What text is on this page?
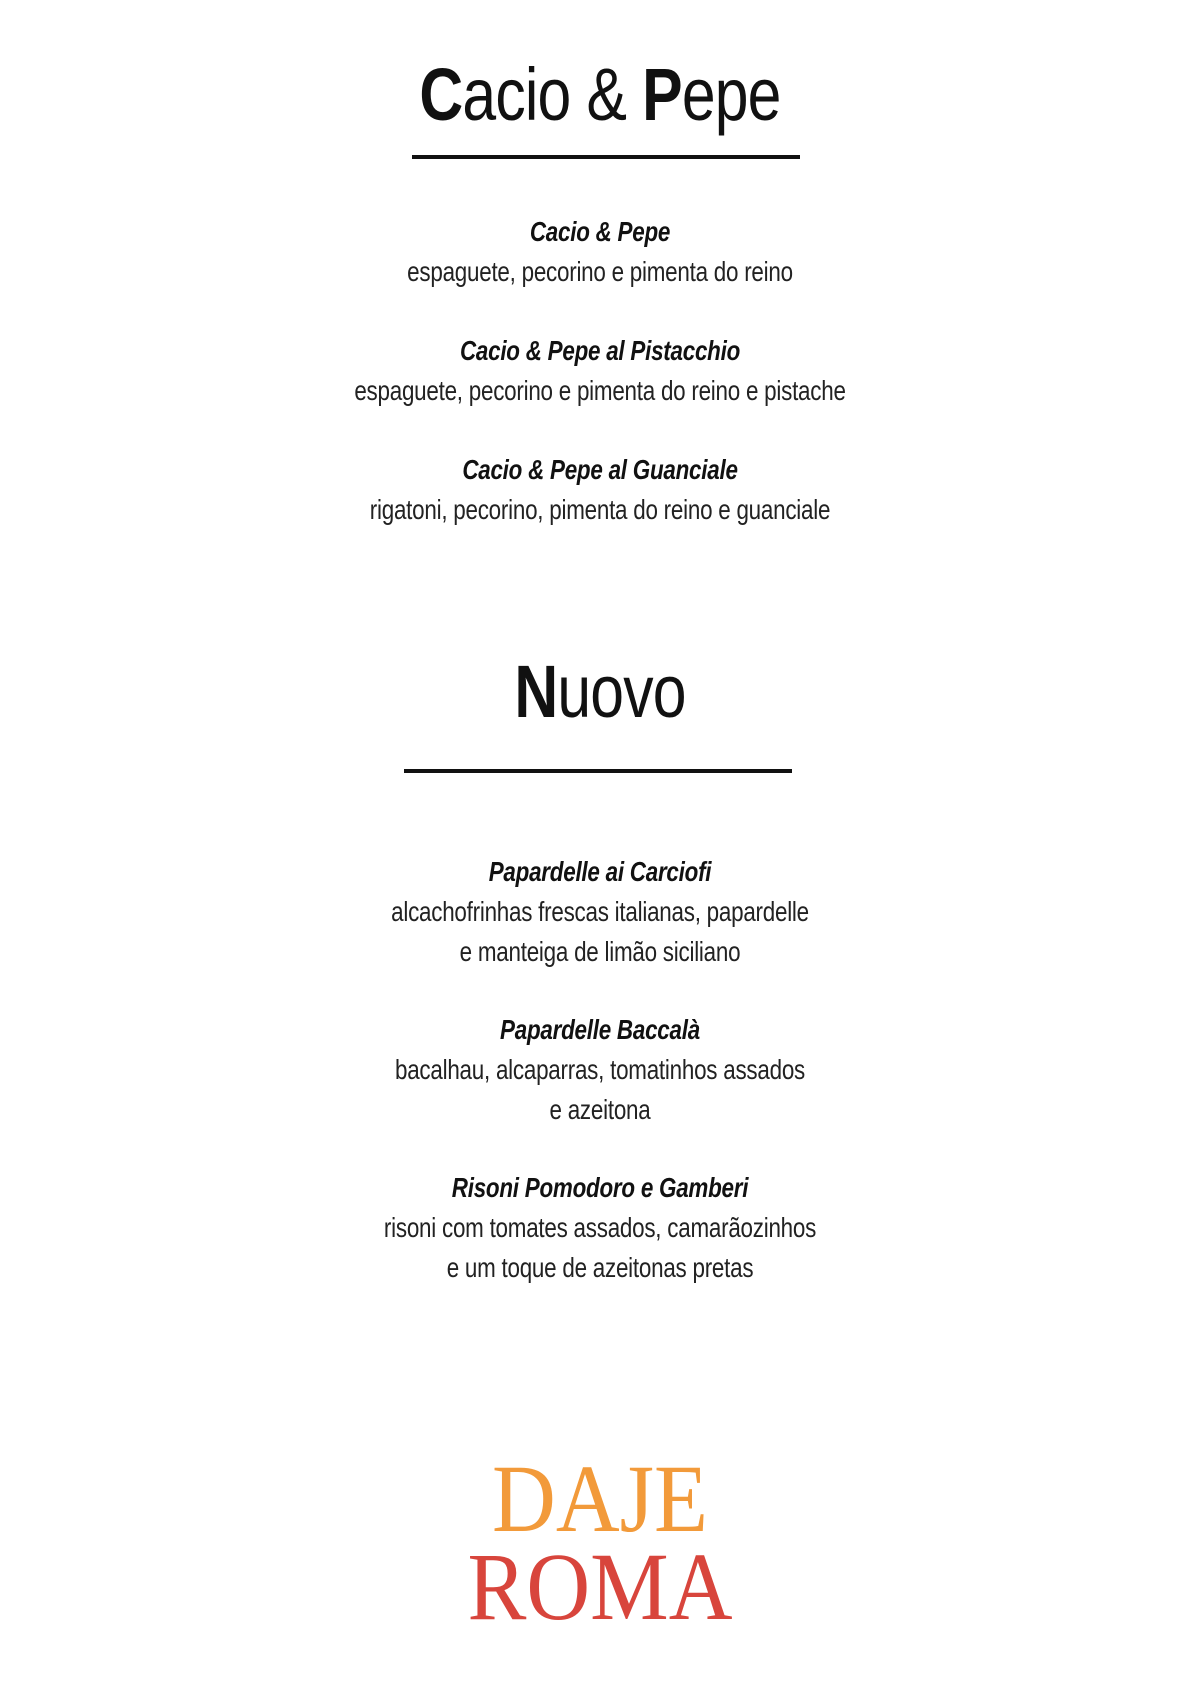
Cacio & Pepe
Cacio & Pepe
espaguete, pecorino e pimenta do reino
Cacio & Pepe al Pistacchio
espaguete, pecorino e pimenta do reino e pistache
Cacio & Pepe al Guanciale
rigatoni, pecorino, pimenta do reino e guanciale
Nuovo
Papardelle ai Carciofi
alcachofrinhas frescas italianas, papardelle
e manteiga de limão siciliano
Papardelle Baccalà
bacalhau, alcaparras, tomatinhos assados
e azeitona
Risoni Pomodoro e Gamberi
risoni com tomates assados, camarãozinhos
e um toque de azeitonas pretas
DAJE
ROMA
